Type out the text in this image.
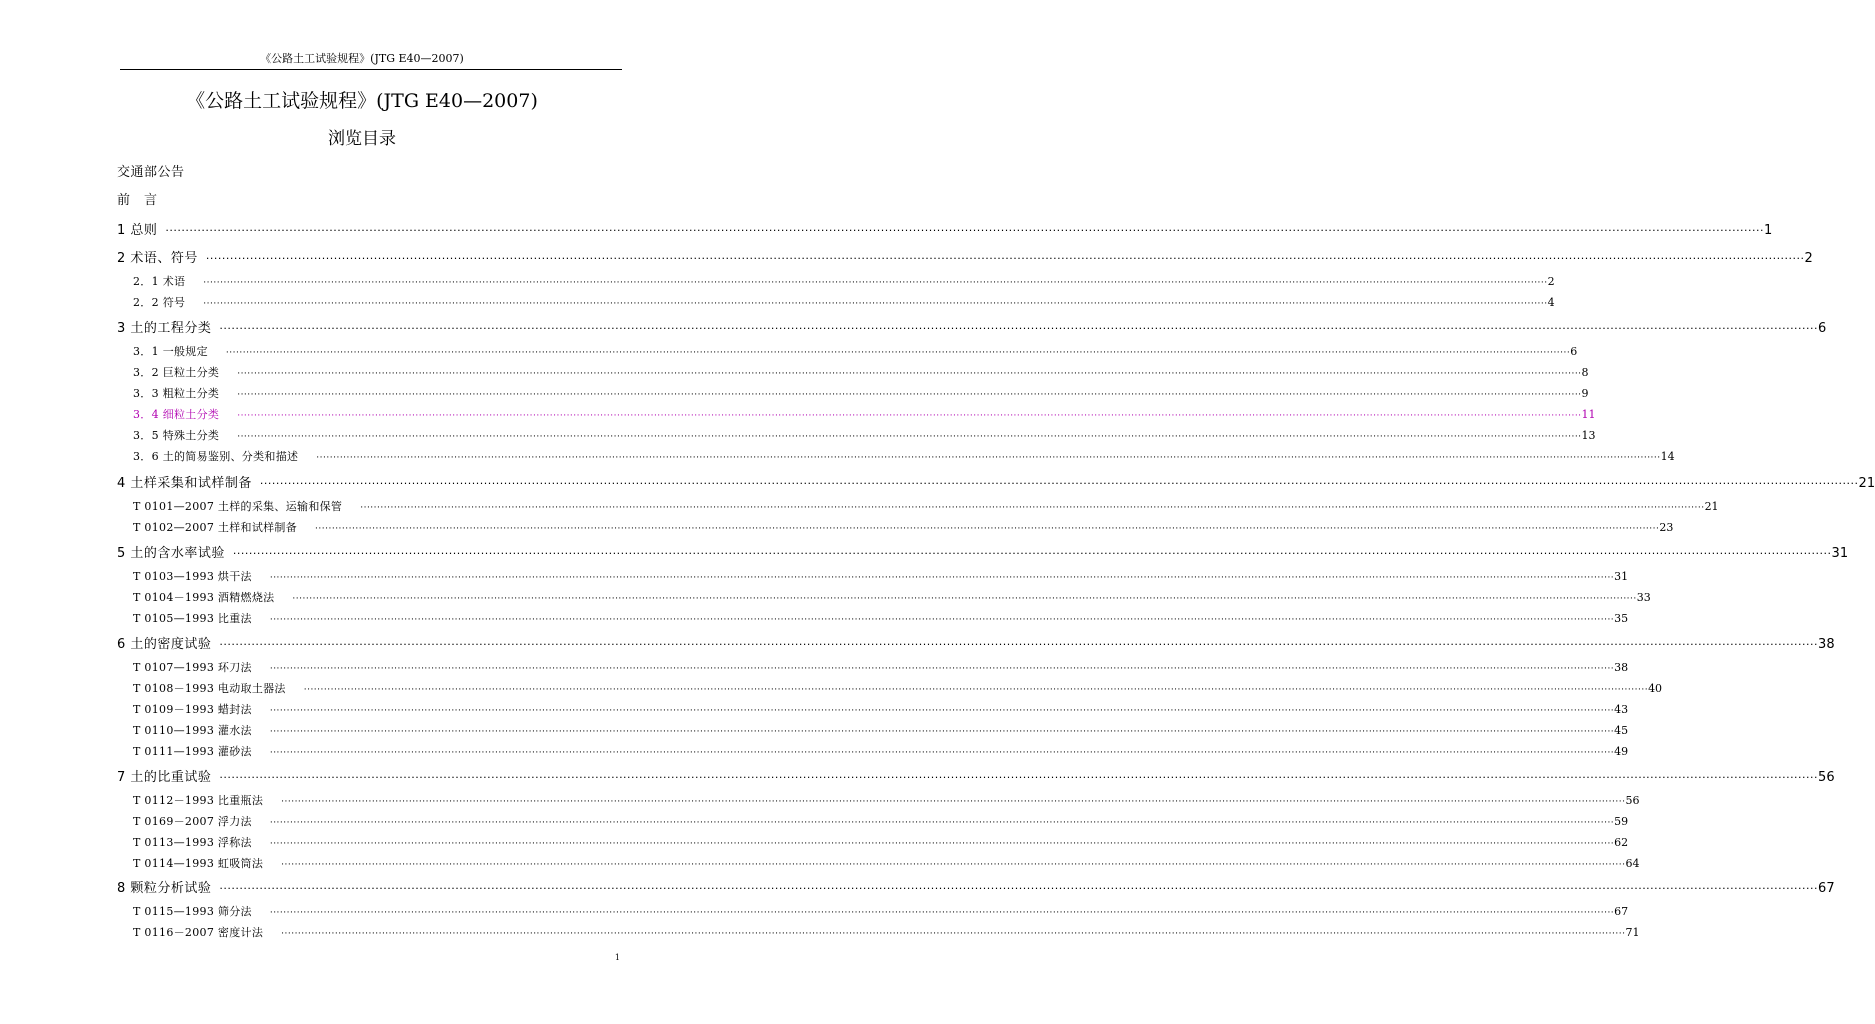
《公路土工试验规程》(JTG E40—2007)
《公路土工试验规程》(JTG E40—2007)
浏览目录
交通部公告
前　言
1 总则 ················································································································································································································································································································································································································ 1
2 术语、符号 ················································································································································································································································································································································································································ 2
2．1 术语 ················································································································································································································································································································································································································ 2
2．2 符号 ················································································································································································································································································································································································································ 4
3 土的工程分类 ················································································································································································································································································································································································································ 6
3．1 一般规定 ················································································································································································································································································································································································································ 6
3．2 巨粒土分类 ················································································································································································································································································································································································································ 8
3．3 粗粒土分类 ················································································································································································································································································································································································································ 9
3．4 细粒土分类 ················································································································································································································································································································································································································ 11
3．5 特殊土分类 ················································································································································································································································································································································································································ 13
3．6 土的简易鉴别、分类和描述 ················································································································································································································································································································································································································ 14
4 土样采集和试样制备 ················································································································································································································································································································································································································ 21
T 0101—2007 土样的采集、运输和保管 ················································································································································································································································································································································································································ 21
T 0102—2007 土样和试样制备 ················································································································································································································································································································································································································ 23
5 土的含水率试验 ················································································································································································································································································································································································································ 31
T 0103—1993 烘干法 ················································································································································································································································································································································································································ 31
T 0104－1993 酒精燃烧法 ················································································································································································································································································································································································································ 33
T 0105—1993 比重法 ················································································································································································································································································································································································································ 35
6 土的密度试验 ················································································································································································································································································································································································································ 38
T 0107—1993 环刀法 ················································································································································································································································································································································································································ 38
T 0108－1993 电动取土器法 ················································································································································································································································································································································································································ 40
T 0109－1993 蜡封法 ················································································································································································································································································································································································································ 43
T 0110—1993 灌水法 ················································································································································································································································································································································································································ 45
T 0111—1993 灌砂法 ················································································································································································································································································································································································································ 49
7 土的比重试验 ················································································································································································································································································································································································································ 56
T 0112－1993 比重瓶法 ················································································································································································································································································································································································································ 56
T 0169－2007 浮力法 ················································································································································································································································································································································································································ 59
T 0113—1993 浮称法 ················································································································································································································································································································································································································ 62
T 0114—1993 虹吸筒法 ················································································································································································································································································································································································································ 64
8 颗粒分析试验 ················································································································································································································································································································································································································ 67
T 0115—1993 筛分法 ················································································································································································································································································································································································································ 67
T 0116－2007 密度计法 ················································································································································································································································································································································································································ 71
1
